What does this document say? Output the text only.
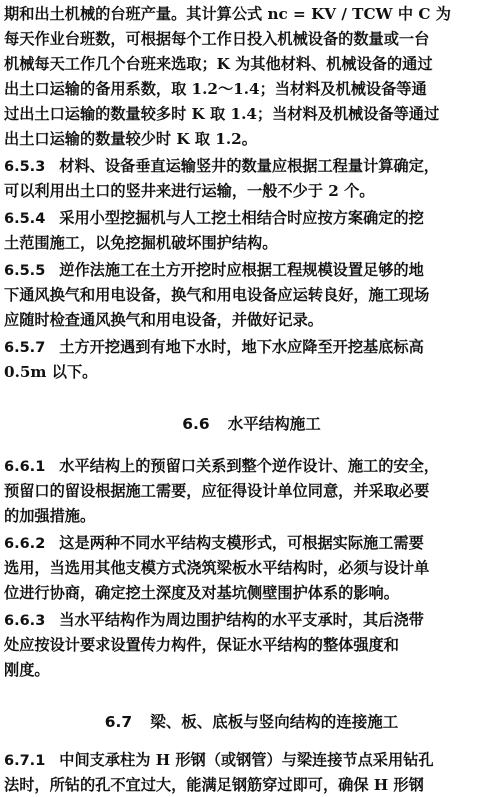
期和出土机械的台班产量。其计算公式 nc = KV / TCW 中 C 为
每天作业台班数，可根据每个工作日投入机械设备的数量或一台
机械每天工作几个台班来选取；K 为其他材料、机械设备的通过
出土口运输的备用系数，取 1.2～1.4；当材料及机械设备等通
过出土口运输的数量较多时 K 取 1.4；当材料及机械设备等通过
出土口运输的数量较少时 K 取 1.2。
6.5.3 材料、设备垂直运输竖井的数量应根据工程量计算确定，
可以利用出土口的竖井来进行运输，一般不少于 2 个。
6.5.4 采用小型挖掘机与人工挖土相结合时应按方案确定的挖
土范围施工，以免挖掘机破坏围护结构。
6.5.5 逆作法施工在土方开挖时应根据工程规模设置足够的地
下通风换气和用电设备，换气和用电设备应运转良好，施工现场
应随时检查通风换气和用电设备，并做好记录。
6.5.7 土方开挖遇到有地下水时，地下水应降至开挖基底标高
0.5m 以下。
6.6 水平结构施工
6.6.1 水平结构上的预留口关系到整个逆作设计、施工的安全，
预留口的留设根据施工需要，应征得设计单位同意，并采取必要
的加强措施。
6.6.2 这是两种不同水平结构支模形式，可根据实际施工需要
选用，当选用其他支模方式浇筑梁板水平结构时，必须与设计单
位进行协商，确定挖土深度及对基坑侧壁围护体系的影响。
6.6.3 当水平结构作为周边围护结构的水平支承时，其后浇带
处应按设计要求设置传力构件，保证水平结构的整体强度和
刚度。
6.7 梁、板、底板与竖向结构的连接施工
6.7.1 中间支承柱为 H 形钢（或钢管）与梁连接节点采用钻孔
法时，所钻的孔不宜过大，能满足钢筋穿过即可，确保 H 形钢
